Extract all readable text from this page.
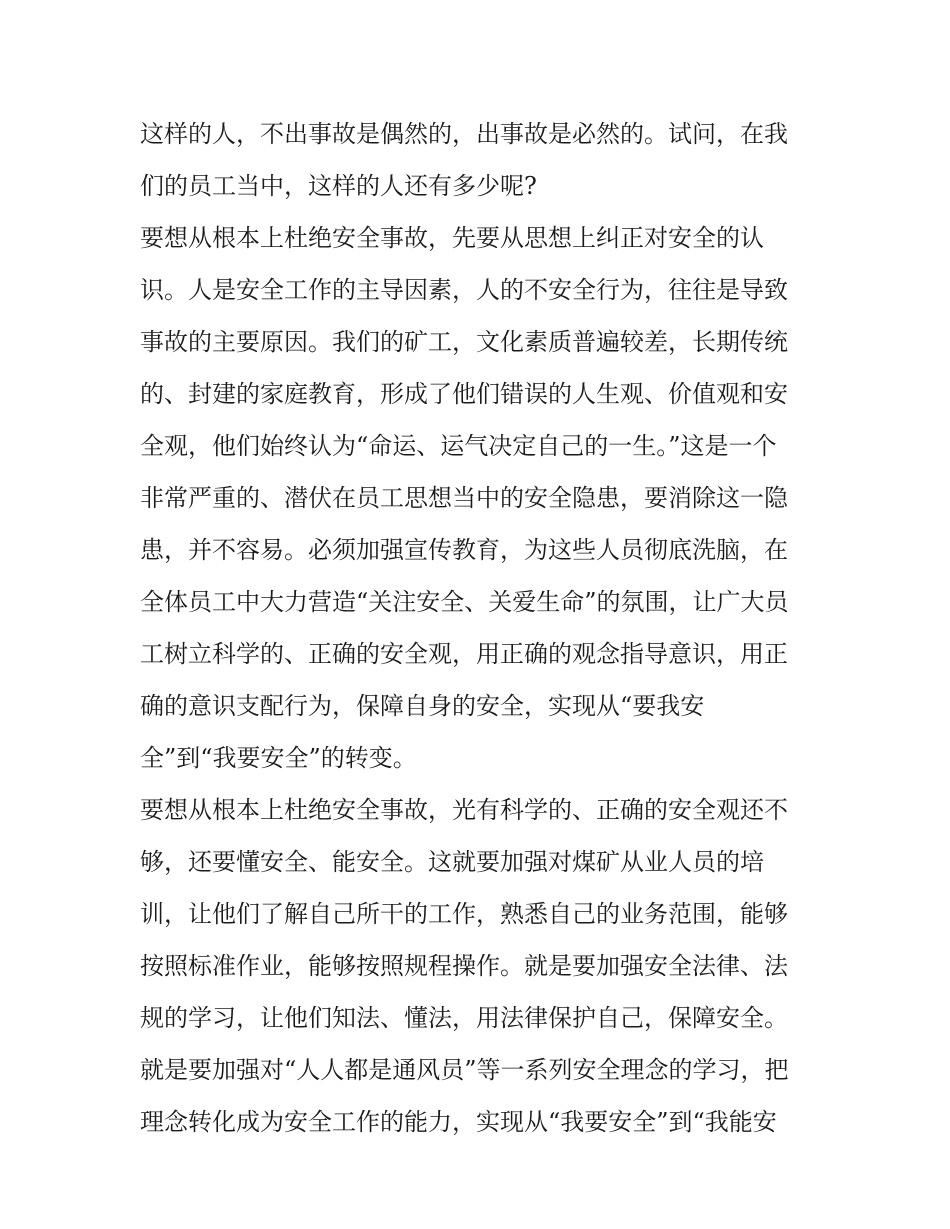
这样的人，不出事故是偶然的，出事故是必然的。试问，在我
们的员工当中，这样的人还有多少呢?
要想从根本上杜绝安全事故，先要从思想上纠正对安全的认
识。人是安全工作的主导因素，人的不安全行为，往往是导致
事故的主要原因。我们的矿工，文化素质普遍较差，长期传统
的、封建的家庭教育，形成了他们错误的人生观、价值观和安
全观，他们始终认为“命运、运气决定自己的一生。”这是一个
非常严重的、潜伏在员工思想当中的安全隐患，要消除这一隐
患，并不容易。必须加强宣传教育，为这些人员彻底洗脑，在
全体员工中大力营造“关注安全、关爱生命”的氛围，让广大员
工树立科学的、正确的安全观，用正确的观念指导意识，用正
确的意识支配行为，保障自身的安全，实现从“要我安
全”到“我要安全”的转变。
要想从根本上杜绝安全事故，光有科学的、正确的安全观还不
够，还要懂安全、能安全。这就要加强对煤矿从业人员的培
训，让他们了解自己所干的工作，熟悉自己的业务范围，能够
按照标准作业，能够按照规程操作。就是要加强安全法律、法
规的学习，让他们知法、懂法，用法律保护自己，保障安全。
就是要加强对“人人都是通风员”等一系列安全理念的学习，把
理念转化成为安全工作的能力，实现从“我要安全”到“我能安
